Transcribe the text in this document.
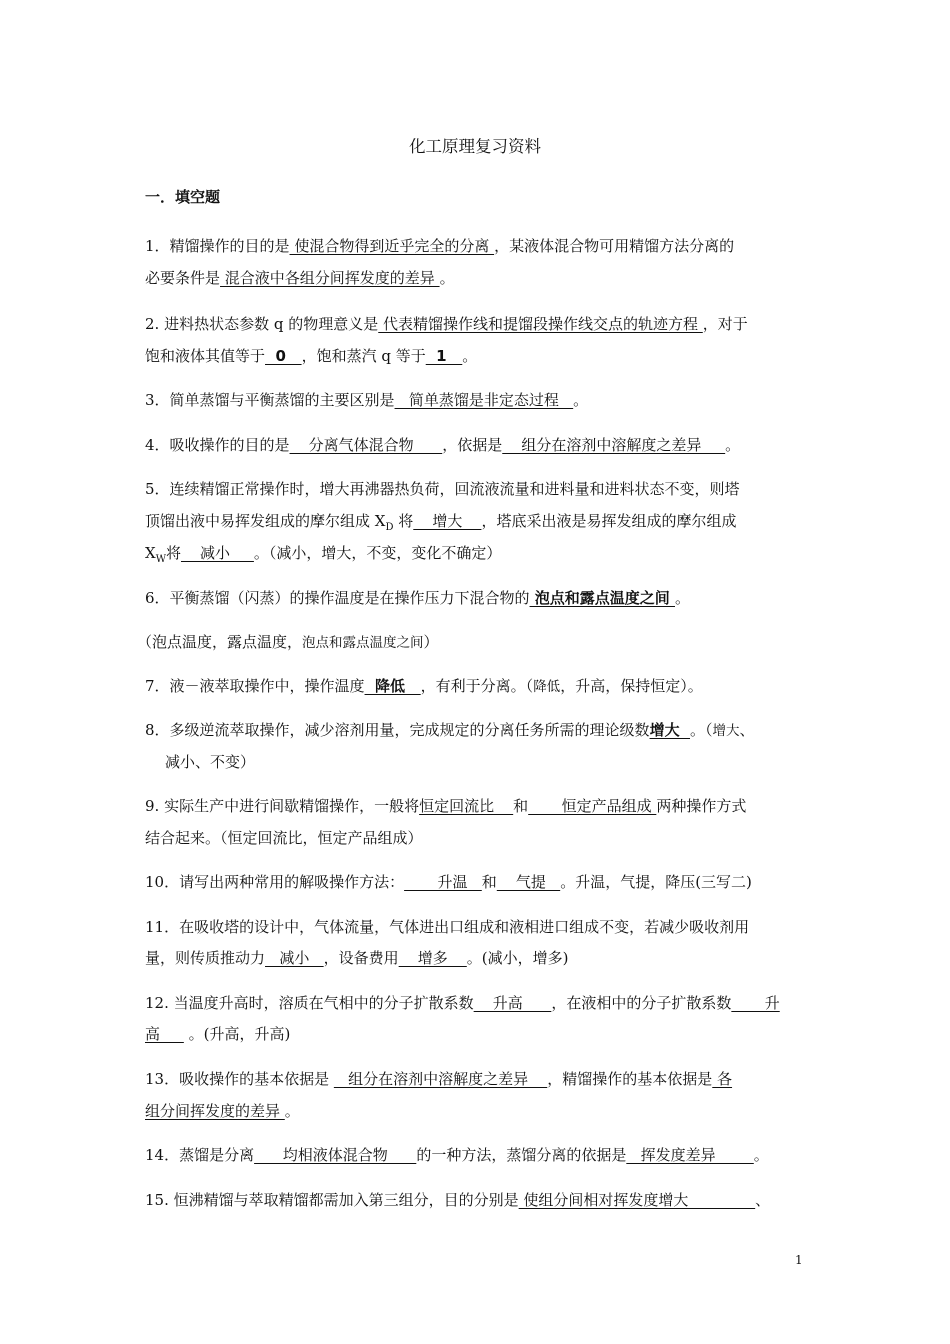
化工原理复习资料
一．填空题
1．精馏操作的目的是 使混合物得到近乎完全的分离 ，某液体混合物可用精馏方法分离的
必要条件是 混合液中各组分间挥发度的差异 。
2. 进料热状态参数 q 的物理意义是 代表精馏操作线和提馏段操作线交点的轨迹方程 ，对于
饱和液体其值等于  0   ，饱和蒸汽 q 等于  1   。
3．简单蒸馏与平衡蒸馏的主要区别是   简单蒸馏是非定态过程   。
4．吸收操作的目的是    分离气体混合物      ，依据是    组分在溶剂中溶解度之差异     。
5．连续精馏正常操作时，增大再沸器热负荷，回流液流量和进料量和进料状态不变，则塔
顶馏出液中易挥发组成的摩尔组成 $X_D$ 将    增大    ，塔底采出液是易挥发组成的摩尔组成
$X_W$将    减小     。（减小，增大，不变，变化不确定）
6．平衡蒸馏（闪蒸）的操作温度是在操作压力下混合物的 泡点和露点温度之间 。
（泡点温度，露点温度，泡点和露点温度之间）
7．液－液萃取操作中，操作温度  降低   ，有利于分离。（降低，升高，保持恒定）。
8．多级逆流萃取操作，减少溶剂用量，完成规定的分离任务所需的理论级数增大  。（增大、
减小、不变）
9. 实际生产中进行间歇精馏操作，一般将恒定回流比    和       恒定产品组成 两种操作方式
结合起来。（恒定回流比，恒定产品组成）
10．请写出两种常用的解吸操作方法：       升温   和    气提   。升温，气提，降压(三写二)
11．在吸收塔的设计中，气体流量，气体进出口组成和液相进口组成不变，若减少吸收剂用
量，则传质推动力   减小   ，设备费用    增多    。(减小，增多)
12. 当温度升高时，溶质在气相中的分子扩散系数    升高      ，在液相中的分子扩散系数       升
高      。(升高，升高)
13．吸收操作的基本依据是    组分在溶剂中溶解度之差异    ，精馏操作的基本依据是 各
组分间挥发度的差异 。
14．蒸馏是分离      均相液体混合物      的一种方法，蒸馏分离的依据是   挥发度差异        。
15. 恒沸精馏与萃取精馏都需加入第三组分，目的分别是 使组分间相对挥发度增大              、
1
